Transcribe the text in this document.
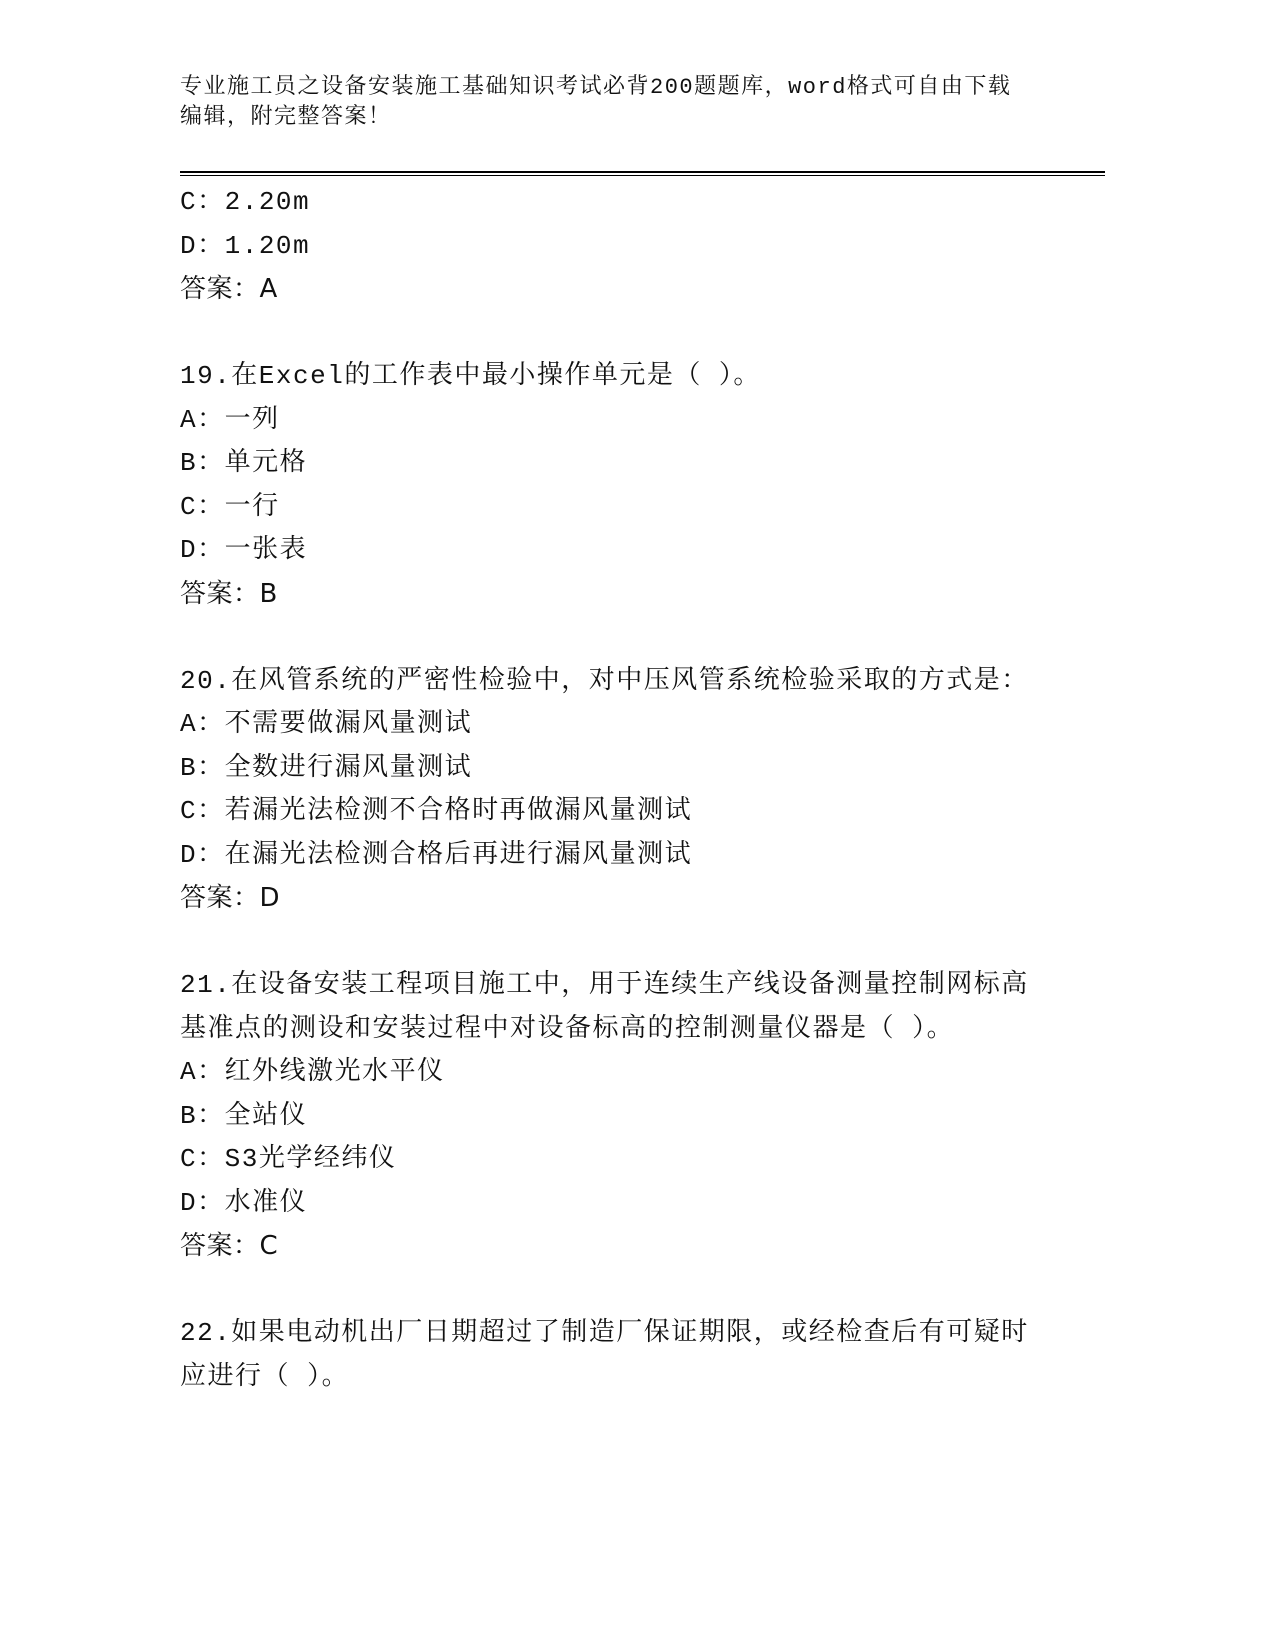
专业施工员之设备安装施工基础知识考试必背200题题库，word格式可自由下载
编辑，附完整答案！
C：2.20m
D：1.20m
答案：A
19.在Excel的工作表中最小操作单元是（ ）。
A：一列
B：单元格
C：一行
D：一张表
答案：B
20.在风管系统的严密性检验中，对中压风管系统检验采取的方式是：
A：不需要做漏风量测试
B：全数进行漏风量测试
C：若漏光法检测不合格时再做漏风量测试
D：在漏光法检测合格后再进行漏风量测试
答案：D
21.在设备安装工程项目施工中，用于连续生产线设备测量控制网标高
基准点的测设和安装过程中对设备标高的控制测量仪器是（ ）。
A：红外线激光水平仪
B：全站仪
C：S3光学经纬仪
D：水准仪
答案：C
22.如果电动机出厂日期超过了制造厂保证期限，或经检查后有可疑时
应进行（ ）。
